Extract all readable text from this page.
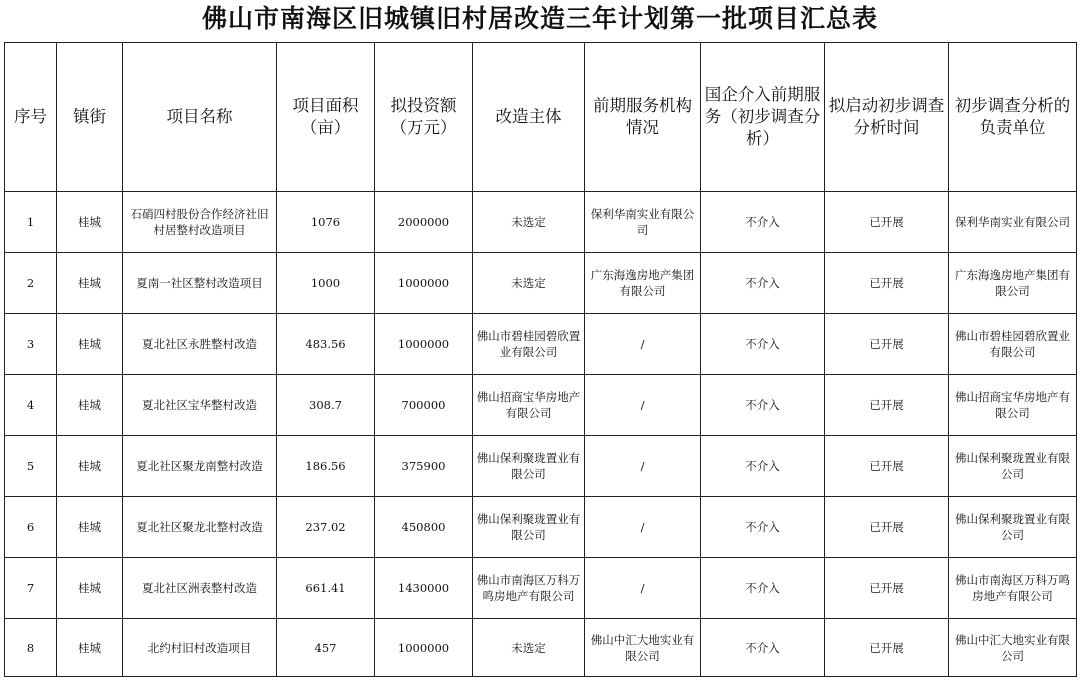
佛山市南海区旧城镇旧村居改造三年计划第一批项目汇总表
序号	镇街	项目名称	项目面积（亩）	拟投资额（万元）	改造主体	前期服务机构情况	国企介入前期服务（初步调查分析）	拟启动初步调查分析时间	初步调查分析的负责单位
1	桂城	石硝四村股份合作经济社旧村居整村改造项目	1076	2000000	未选定	保利华南实业有限公司	不介入	已开展	保利华南实业有限公司
2	桂城	夏南一社区整村改造项目	1000	1000000	未选定	广东海逸房地产集团有限公司	不介入	已开展	广东海逸房地产集团有限公司
3	桂城	夏北社区永胜整村改造	483.56	1000000	佛山市碧桂园碧欣置业有限公司	/	不介入	已开展	佛山市碧桂园碧欣置业有限公司
4	桂城	夏北社区宝华整村改造	308.7	700000	佛山招商宝华房地产有限公司	/	不介入	已开展	佛山招商宝华房地产有限公司
5	桂城	夏北社区聚龙南整村改造	186.56	375900	佛山保利聚珑置业有限公司	/	不介入	已开展	佛山保利聚珑置业有限公司
6	桂城	夏北社区聚龙北整村改造	237.02	450800	佛山保利聚珑置业有限公司	/	不介入	已开展	佛山保利聚珑置业有限公司
7	桂城	夏北社区洲表整村改造	661.41	1430000	佛山市南海区万科万鸣房地产有限公司	/	不介入	已开展	佛山市南海区万科万鸣房地产有限公司
8	桂城	北约村旧村改造项目	457	1000000	未选定	佛山中汇大地实业有限公司	不介入	已开展	佛山中汇大地实业有限公司
